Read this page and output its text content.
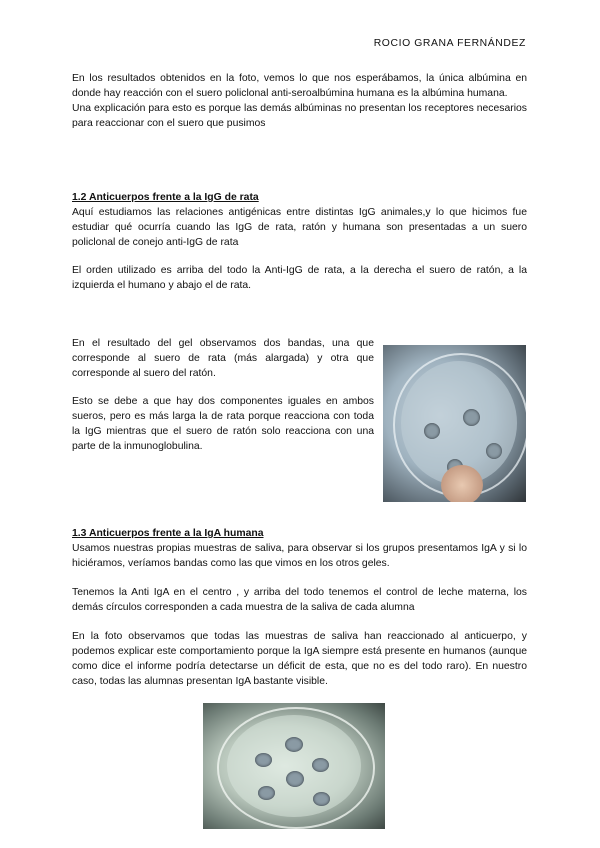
ROCIO GRANA FERNÁNDEZ

En los resultados obtenidos en la foto, vemos lo que nos esperábamos, la única albúmina en donde hay reacción con el suero policlonal anti-seroalbúmina humana es la albúmina humana.

Una explicación para esto es porque las demás albúminas no presentan los receptores necesarios para reaccionar con el suero que pusimos

1.2 Anticuerpos frente a la IgG de rata

Aquí estudiamos las relaciones antigénicas entre distintas IgG animales,y lo que hicimos fue estudiar qué ocurría cuando las IgG de rata, ratón y humana son presentadas a un suero policlonal de conejo anti-IgG de rata

El orden utilizado es arriba del todo la Anti-IgG de rata, a la derecha el suero de ratón, a la izquierda el humano y abajo el de rata.

En el resultado del gel observamos dos bandas, una que corresponde al suero de rata (más alargada) y otra que corresponde al suero del ratón.

Esto se debe a que hay dos componentes iguales en ambos sueros, pero es más larga la de rata porque reacciona con toda la IgG mientras que el suero de ratón solo reacciona con una parte de la inmunoglobulina.

1.3 Anticuerpos frente a la IgA humana

Usamos nuestras propias muestras de saliva, para observar si los grupos presentamos IgA y si lo hiciéramos, veríamos bandas como las que vimos en los otros geles.

Tenemos la Anti IgA en el centro , y arriba del todo tenemos el control de leche materna, los demás círculos corresponden a cada muestra de la saliva de cada alumna

En la foto observamos que todas las muestras de saliva han reaccionado al anticuerpo, y podemos explicar este comportamiento porque la IgA siempre está presente en humanos (aunque como dice el informe podría detectarse un déficit de esta, que no es del todo raro). En nuestro caso, todas las alumnas presentan IgA bastante visible.
